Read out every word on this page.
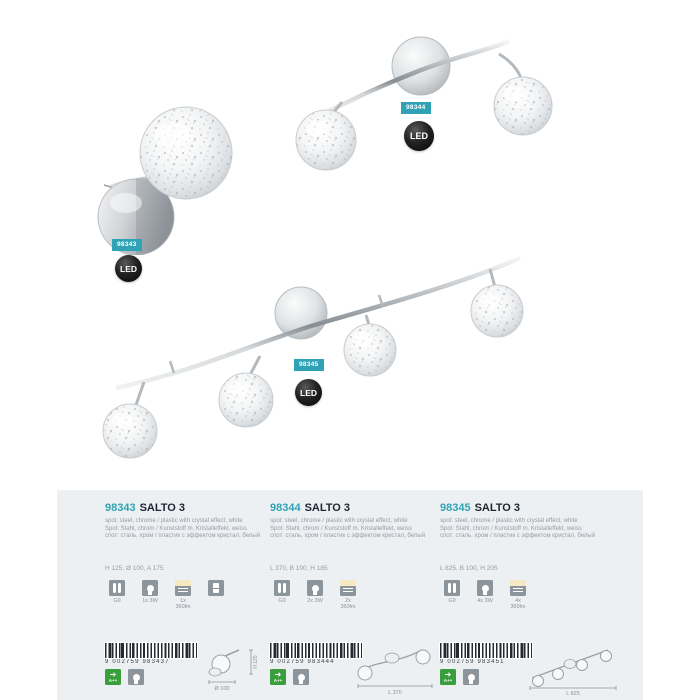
98343
LED
98344
LED
98345
LED
98343 SALTO 3
spot: steel, chrome / plastic with crystal effect, white
Spot: Stahl, chrom / Kunststoff m. Kristalleffekt, weiss
спот: сталь, хром / пластик с эффектом кристал, белый
H 125, Ø 100, A 175
G9	1x 3W	1x
360lm
9 002759 983437
➜
A++
Ø 100
H 125
98344 SALTO 3
spot: steel, chrome / plastic with crystal effect, white
Spot: Stahl, chrom / Kunststoff m. Kristalleffekt, weiss
спот: сталь, хром / пластик с эффектом кристал, белый
L 370, B 100, H 185
G9	2x 3W	2x
360lm
9 002759 983444
➜
A++
L 370
98345 SALTO 3
spot: steel, chrome / plastic with crystal effect, white
Spot: Stahl, chrom / Kunststoff m. Kristalleffekt, weiss
спот: сталь, хром / пластик с эффектом кристал, белый
L 825, B 100, H 205
G9	4x 3W	4x
360lm
9 002759 983451
➜
A++
L 825
